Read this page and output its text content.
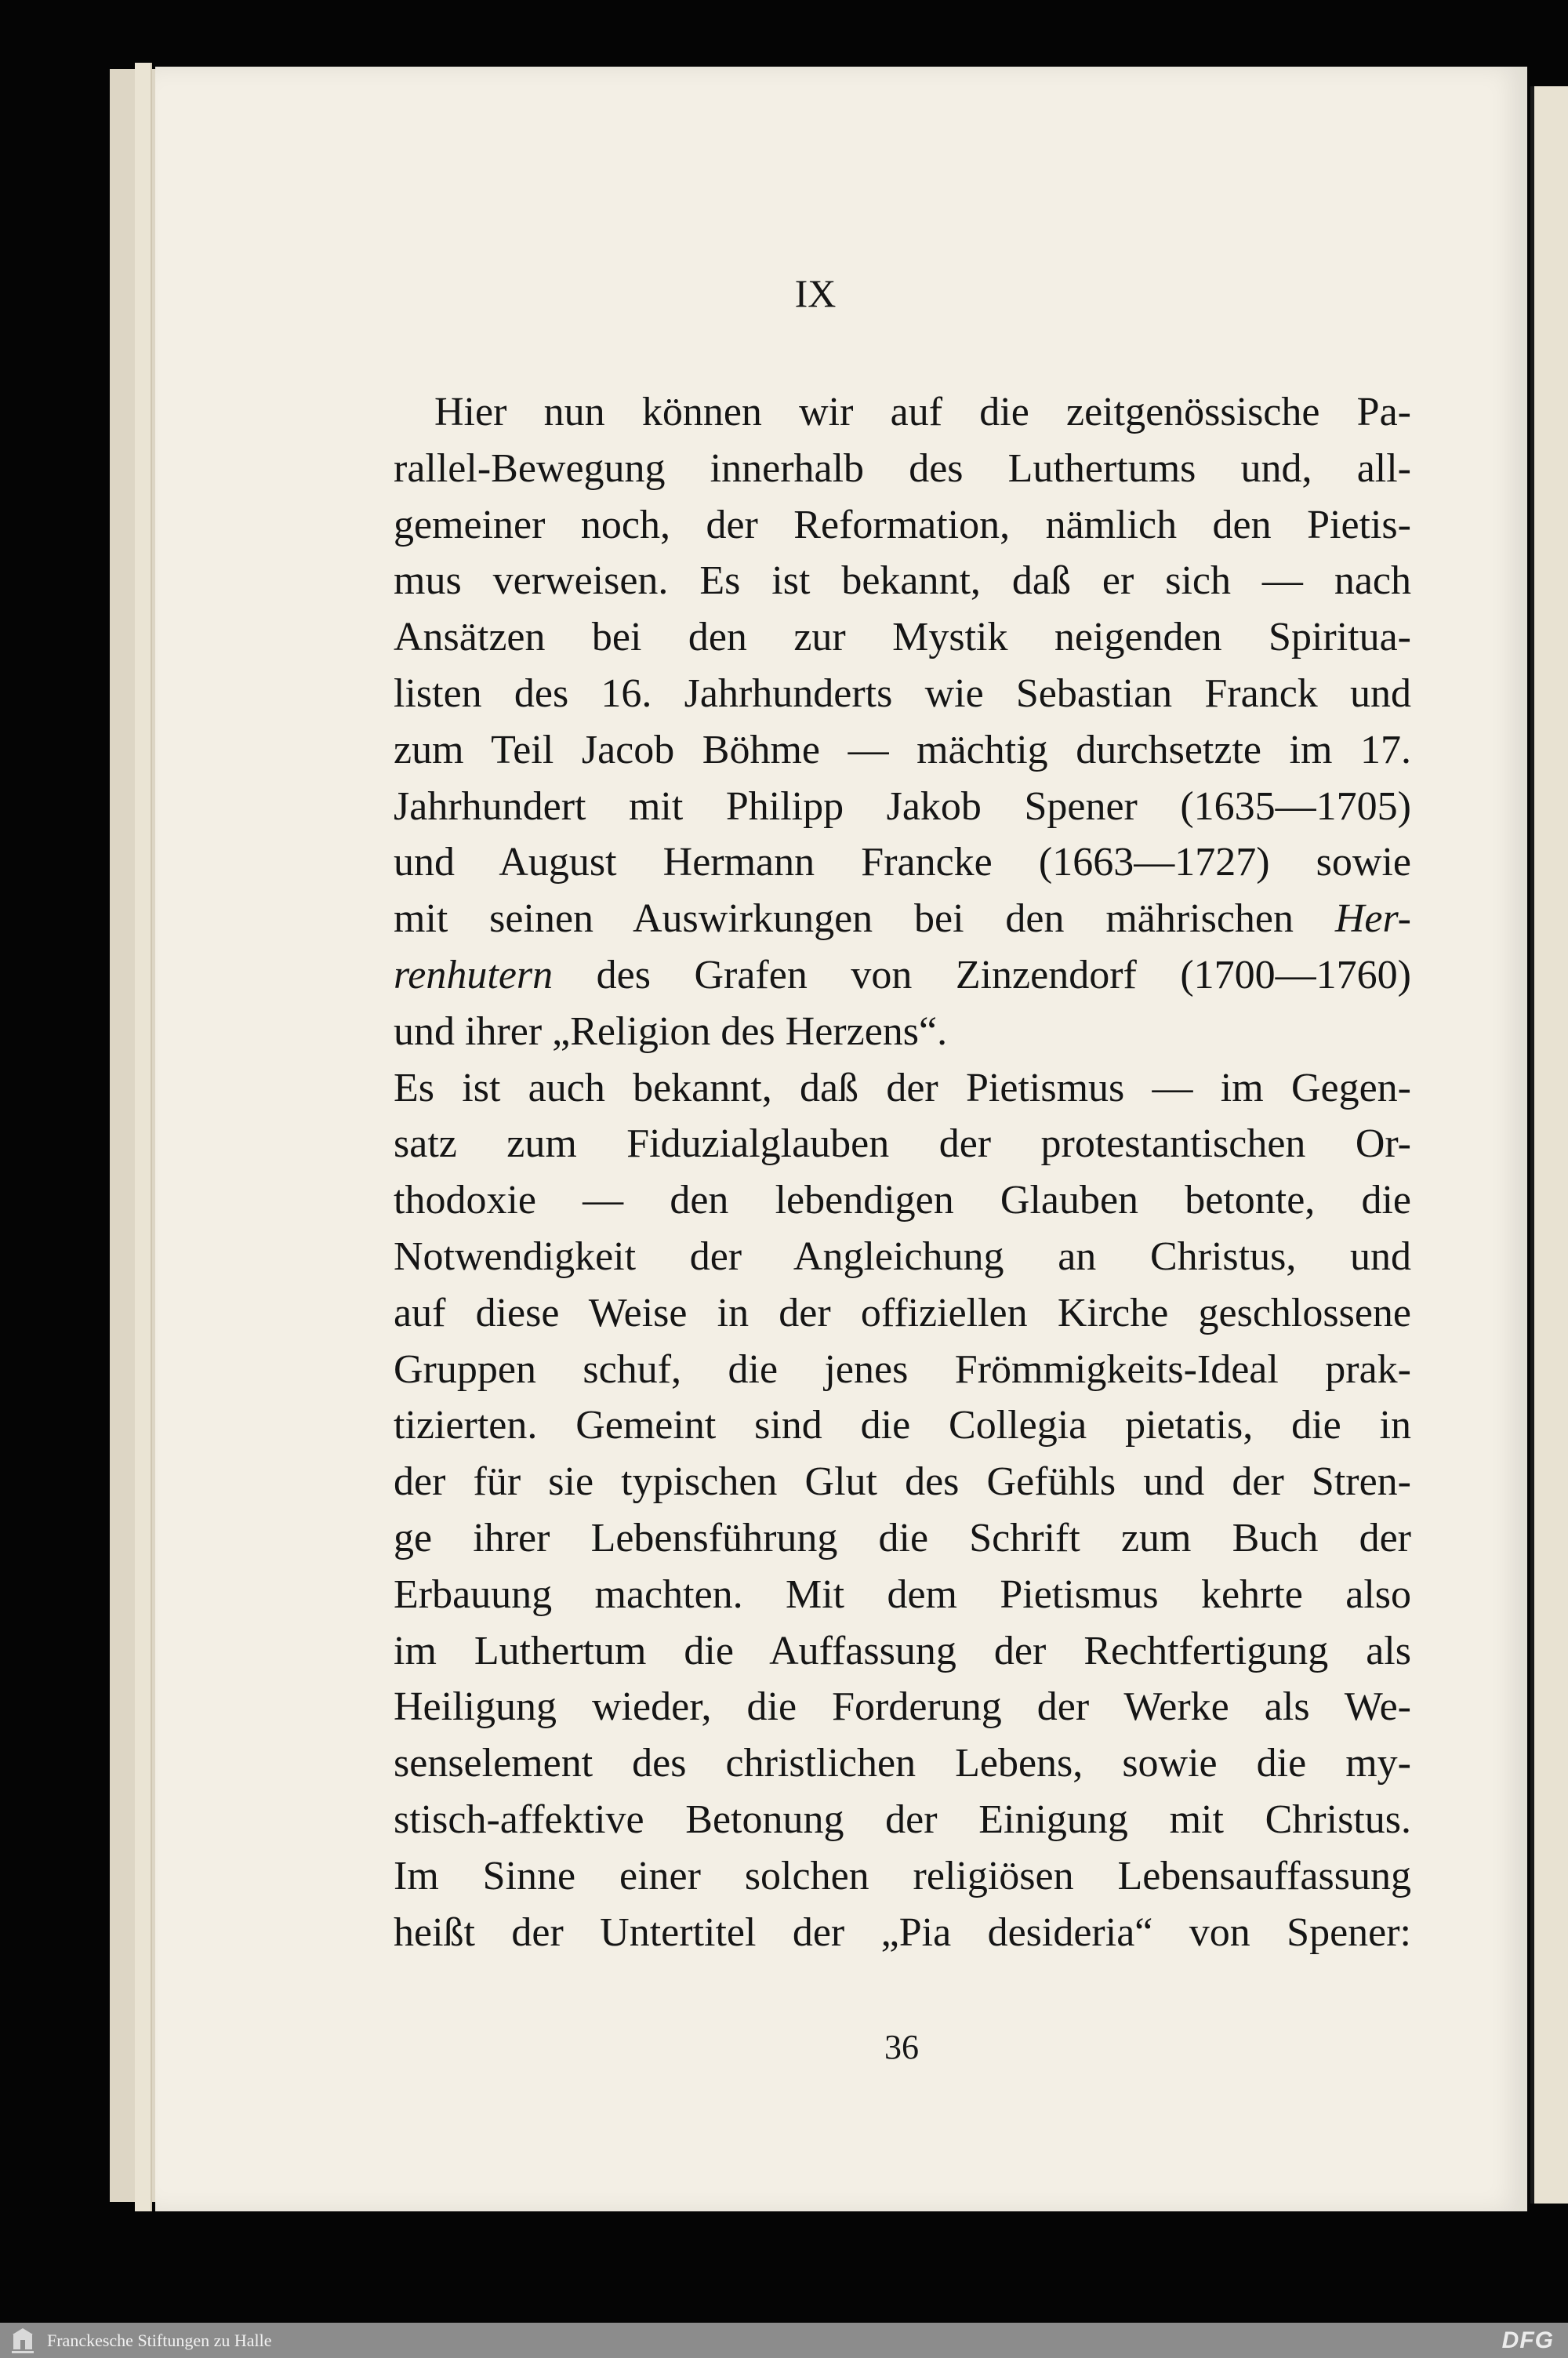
IX
Hier nun können wir auf die zeitgenössische Pa-
rallel-Bewegung innerhalb des Luthertums und, all-
gemeiner noch, der Reformation, nämlich den Pietis-
mus verweisen. Es ist bekannt, daß er sich — nach
Ansätzen bei den zur Mystik neigenden Spiritua-
listen des 16. Jahrhunderts wie Sebastian Franck und
zum Teil Jacob Böhme — mächtig durchsetzte im 17.
Jahrhundert mit Philipp Jakob Spener (1635—1705)
und August Hermann Francke (1663—1727) sowie
mit seinen Auswirkungen bei den mährischen Her-
renhutern des Grafen von Zinzendorf (1700—1760)
und ihrer „Religion des Herzens“.
Es ist auch bekannt, daß der Pietismus — im Gegen-
satz zum Fiduzialglauben der protestantischen Or-
thodoxie — den lebendigen Glauben betonte, die
Notwendigkeit der Angleichung an Christus, und
auf diese Weise in der offiziellen Kirche geschlossene
Gruppen schuf, die jenes Frömmigkeits-Ideal prak-
tizierten. Gemeint sind die Collegia pietatis, die in
der für sie typischen Glut des Gefühls und der Stren-
ge ihrer Lebensführung die Schrift zum Buch der
Erbauung machten. Mit dem Pietismus kehrte also
im Luthertum die Auffassung der Rechtfertigung als
Heiligung wieder, die Forderung der Werke als We-
senselement des christlichen Lebens, sowie die my-
stisch-affektive Betonung der Einigung mit Christus.
Im Sinne einer solchen religiösen Lebensauffassung
heißt der Untertitel der „Pia desideria“ von Spener:
36
Franckesche Stiftungen zu Halle	DFG
